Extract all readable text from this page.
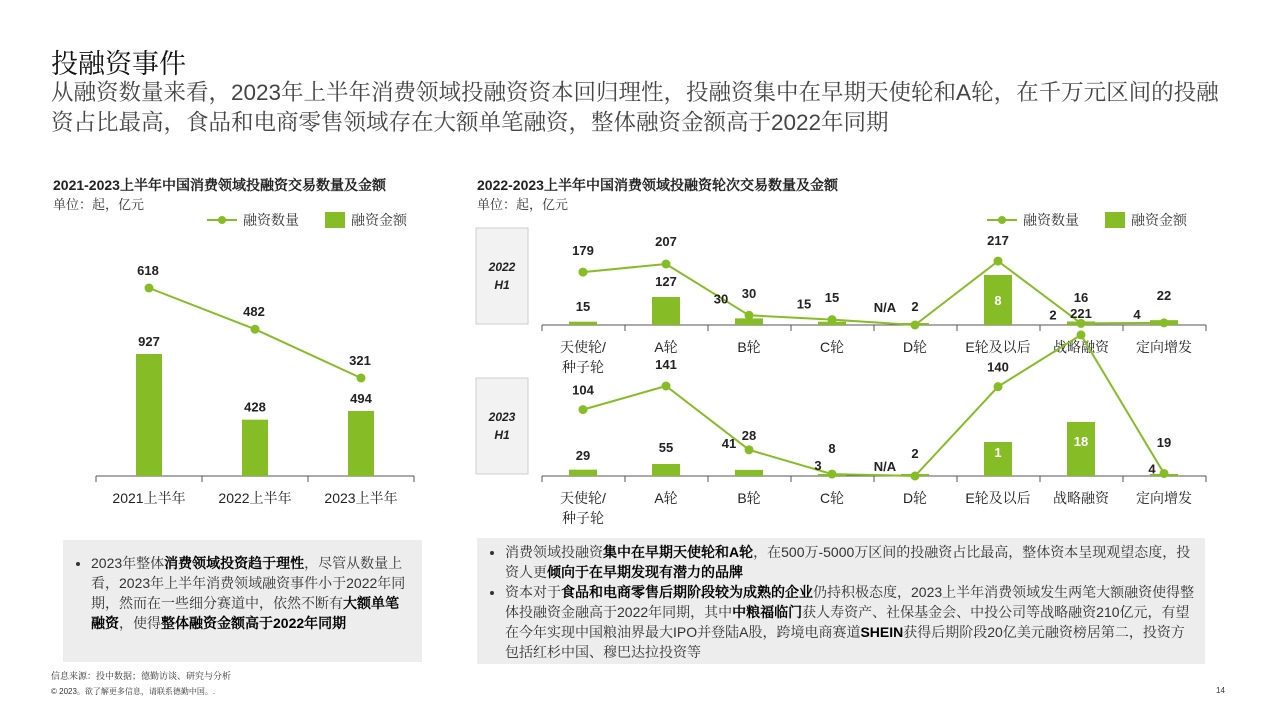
投融资事件
从融资数量来看，2023年上半年消费领域投融资资本回归理性，投融资集中在早期天使轮和A轮，在千万元区间的投融资占比最高，食品和电商零售领域存在大额单笔融资，整体融资金额高于2022年同期
2021-2023上半年中国消费领域投融资交易数量及金额
单位：起，亿元
2022-2023上半年中国消费领域投融资轮次交易数量及金额
单位：起，亿元
融资数量	融资金额
927
618
2021上半年
428
482
2022上半年
494
321
2023上半年
融资数量	融资金额
2022
H1
15
179
127
207
30
30	15
15	2
N/A	8
217
16
2
22
4
天使轮/
种子轮
A轮	B轮	C轮	D轮	E轮及以后 战略融资 定向增发
2023
H1
29
104
55
141
28
41	8
3
2
N/A
1
140
18
221
19
4
天使轮/
种子轮
A轮	B轮	C轮	D轮	E轮及以后 战略融资 定向增发
• 2023年整体消费领域投资趋于理性，尽管从数量上看，2023年上半年消费领域融资事件小于2022年同期，然而在一些细分赛道中，依然不断有大额单笔融资，使得整体融资金额高于2022年同期
• 消费领域投融资集中在早期天使轮和A轮，在500万-5000万区间的投融资占比最高，整体资本呈现观望态度，投资人更倾向于在早期发现有潜力的品牌
• 资本对于食品和电商零售后期阶段较为成熟的企业仍持积极态度，2023上半年消费领域发生两笔大额融资使得整体投融资金融高于2022年同期，其中中粮福临门获人寿资产、社保基金会、中投公司等战略融资210亿元，有望在今年实现中国粮油界最大IPO并登陆A股，跨境电商赛道SHEIN获得后期阶段20亿美元融资榜居第二，投资方包括红杉中国、穆巴达拉投资等
信息来源：投中数据；德勤访谈、研究与分析
© 2023。欲了解更多信息，请联系德勤中国。.	14
